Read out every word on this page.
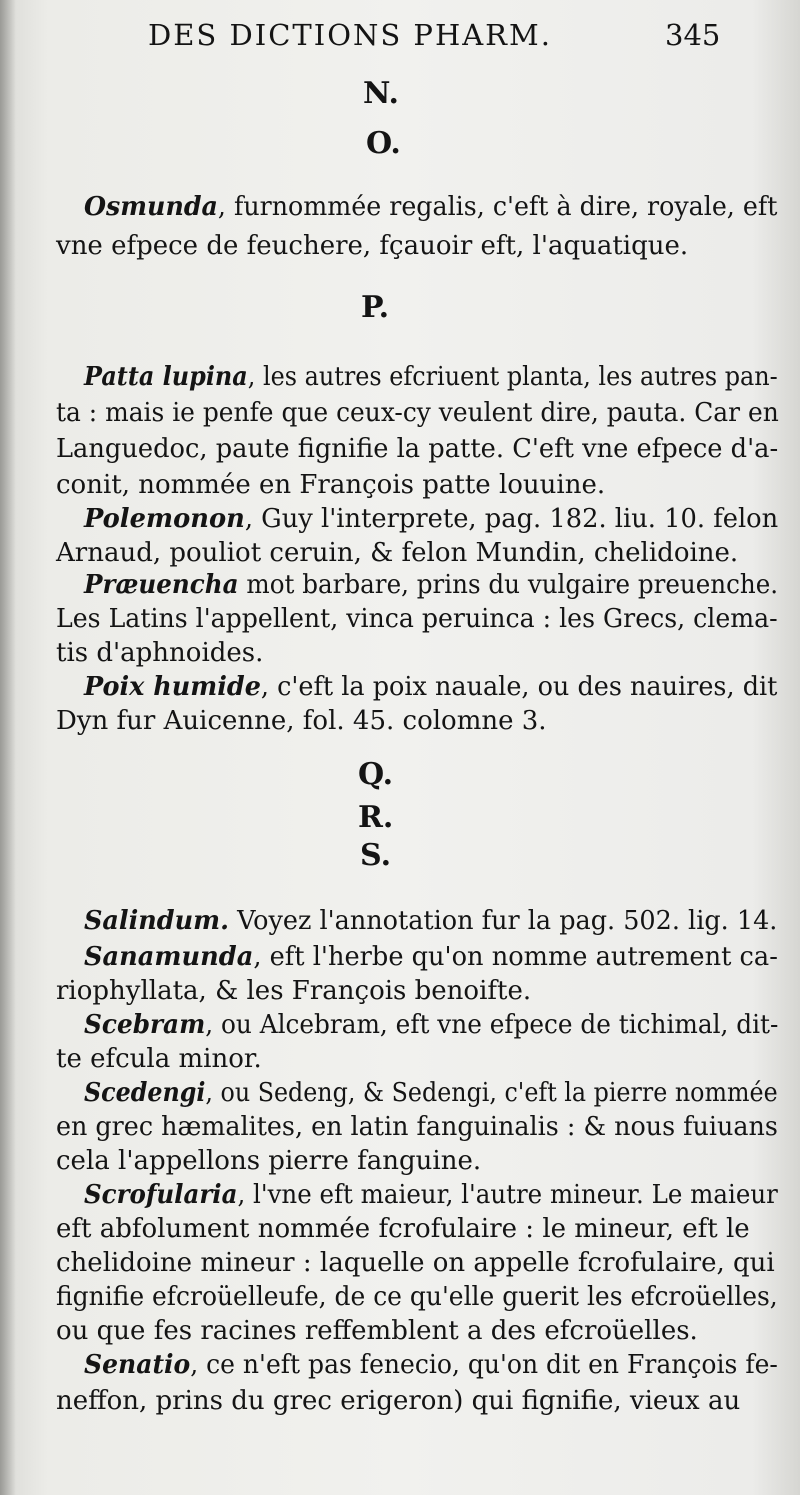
DES DICTIONS PHARM.	345
N.
O.
P.
Q.
R.
S.
Osmunda, furnommée regalis, c'eft à dire, royale, eft
vne efpece de feuchere, fçauoir eft, l'aquatique.
Patta lupina, les autres efcriuent planta, les autres pan-
ta : mais ie penfe que ceux-cy veulent dire, pauta. Car en
Languedoc, paute fignifie la patte. C'eft vne efpece d'a-
conit, nommée en François patte louuine.
Polemonon, Guy l'interprete, pag. 182. liu. 10. felon
Arnaud, pouliot ceruin, & felon Mundin, chelidoine.
Præuencha mot barbare, prins du vulgaire preuenche.
Les Latins l'appellent, vinca peruinca : les Grecs, clema-
tis d'aphnoides.
Poix humide, c'eft la poix nauale, ou des nauires, dit
Dyn fur Auicenne, fol. 45. colomne 3.
Salindum. Voyez l'annotation fur la pag. 502. lig. 14.
Sanamunda, eft l'herbe qu'on nomme autrement ca-
riophyllata, & les François benoifte.
Scebram, ou Alcebram, eft vne efpece de tichimal, dit-
te efcula minor.
Scedengi, ou Sedeng, & Sedengi, c'eft la pierre nommée
en grec hæmalites, en latin fanguinalis : & nous fuiuans
cela l'appellons pierre fanguine.
Scrofularia, l'vne eft maieur, l'autre mineur. Le maieur
eft abfolument nommée fcrofulaire : le mineur, eft le
chelidoine mineur : laquelle on appelle fcrofulaire, qui
fignifie efcroüelleufe, de ce qu'elle guerit les efcroüelles,
ou que fes racines reffemblent a des efcroüelles.
Senatio, ce n'eft pas fenecio, qu'on dit en François fe-
neffon, prins du grec erigeron) qui fignifie, vieux au
